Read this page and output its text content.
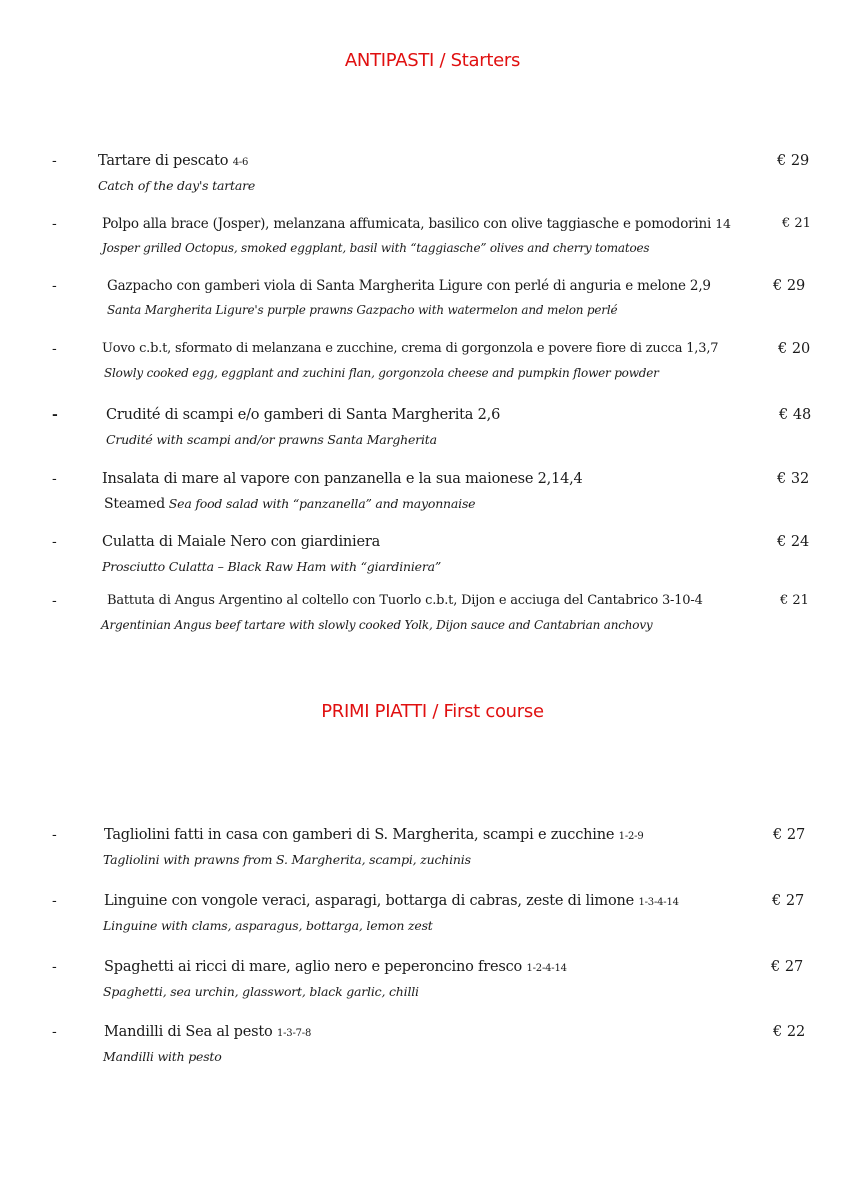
ANTIPASTI / Starters
-	Tartare di pescato 4-6	€ 29
Catch of the day's tartare
-	Polpo alla brace (Josper), melanzana affumicata, basilico con olive taggiasche e pomodorini 14	€ 21
Josper grilled Octopus, smoked eggplant, basil with “taggiasche” olives and cherry tomatoes
-	Gazpacho con gamberi viola di Santa Margherita Ligure con perlé di anguria e melone 2,9	€ 29
Santa Margherita Ligure's purple prawns Gazpacho with watermelon and melon perlé
-	Uovo c.b.t, sformato di melanzana e zucchine, crema di gorgonzola e povere fiore di zucca 1,3,7	€ 20
Slowly cooked egg, eggplant and zuchini flan, gorgonzola cheese and pumpkin flower powder
-	Crudité di scampi e/o gamberi di Santa Margherita 2,6	€ 48
Crudité with scampi and/or prawns Santa Margherita
-	Insalata di mare al vapore con panzanella e la sua maionese 2,14,4	€ 32
Steamed Sea food salad with “panzanella” and mayonnaise
-	Culatta di Maiale Nero con giardiniera	€ 24
Prosciutto Culatta – Black Raw Ham with “giardiniera”
-	Battuta di Angus Argentino al coltello con Tuorlo c.b.t, Dijon e acciuga del Cantabrico 3-10-4	€ 21
Argentinian Angus beef tartare with slowly cooked Yolk, Dijon sauce and Cantabrian anchovy
PRIMI PIATTI / First course
-	Tagliolini fatti in casa con gamberi di S. Margherita, scampi e zucchine 1-2-9	€ 27
Tagliolini with prawns from S. Margherita, scampi, zuchinis
-	Linguine con vongole veraci, asparagi, bottarga di cabras, zeste di limone 1-3-4-14	€ 27
Linguine with clams, asparagus, bottarga, lemon zest
-	Spaghetti ai ricci di mare, aglio nero e peperoncino fresco 1-2-4-14	€ 27
Spaghetti, sea urchin, glasswort, black garlic, chilli
-	Mandilli di Sea al pesto 1-3-7-8	€ 22
Mandilli with pesto
